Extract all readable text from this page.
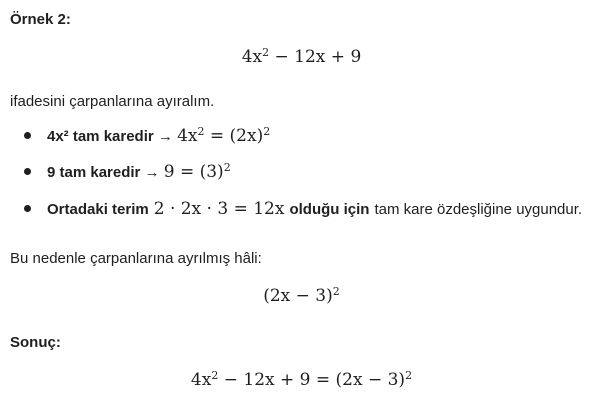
Örnek 2:
$4x^2 - 12x + 9$
ifadesini çarpanlarına ayıralım.
4x² tam karedir → $4x^2 = (2x)^2$
9 tam karedir → $9 = (3)^2$
Ortadaki terim 2 · 2x · 3 = 12x olduğu için tam kare özdeşliğine uygundur.
Bu nedenle çarpanlarına ayrılmış hâli:
$(2x - 3)^2$
Sonuç:
$4x^2 - 12x + 9 = (2x - 3)^2$
